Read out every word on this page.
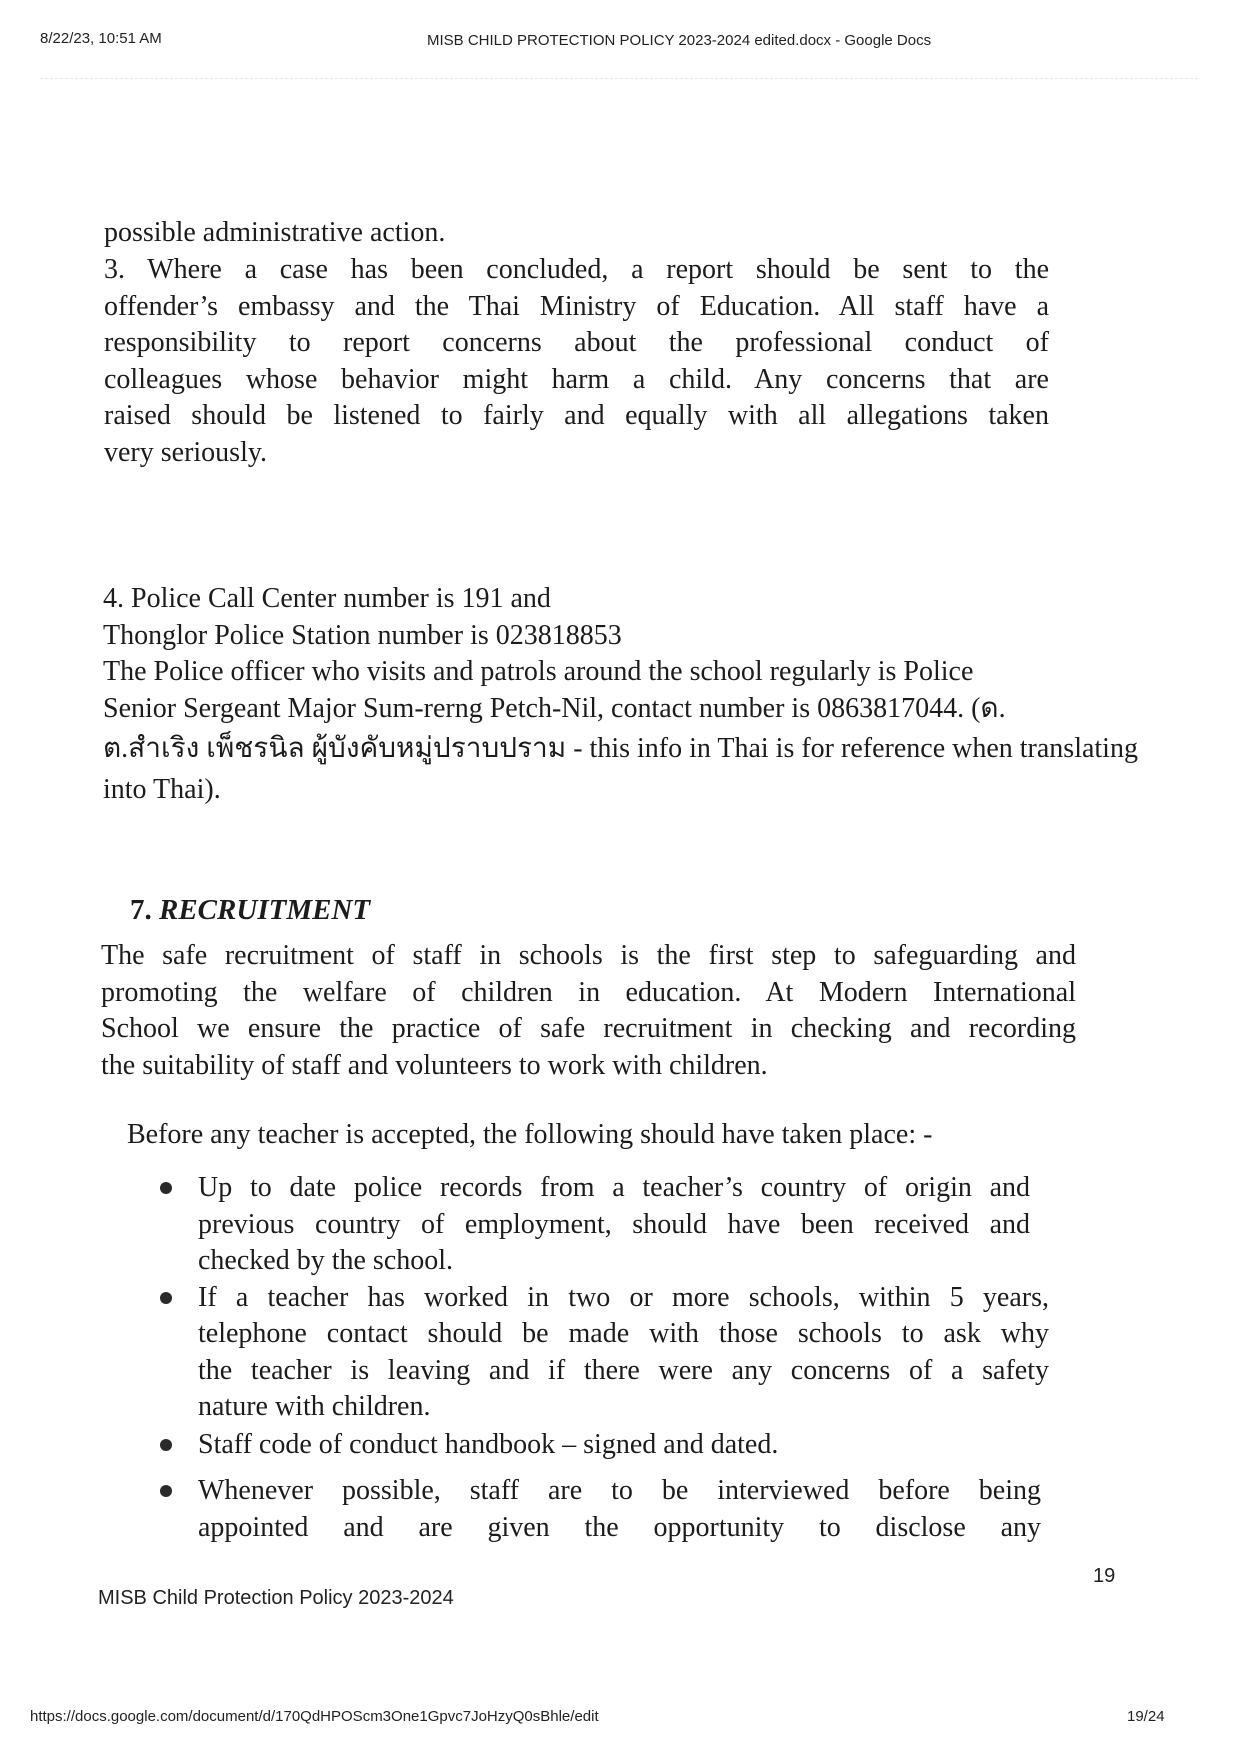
8/22/23, 10:51 AM	MISB CHILD PROTECTION POLICY 2023-2024 edited.docx - Google Docs
possible administrative action.
3. Where a case has been concluded, a report should be sent to the
offender’s embassy and the Thai Ministry of Education. All staff have a
responsibility to report concerns about the professional conduct of
colleagues whose behavior might harm a child. Any concerns that are
raised should be listened to fairly and equally with all allegations taken
very seriously.
4. Police Call Center number is 191 and
Thonglor Police Station number is 023818853
The Police officer who visits and patrols around the school regularly is Police
Senior Sergeant Major Sum-rerng Petch-Nil, contact number is 0863817044. (ด.
ต.สำเริง เพ็ชรนิล ผู้บังคับหมู่ปราบปราม - this info in Thai is for reference when translating
into Thai).
7. RECRUITMENT
The safe recruitment of staff in schools is the first step to safeguarding and
promoting the welfare of children in education. At Modern International
School we ensure the practice of safe recruitment in checking and recording
the suitability of staff and volunteers to work with children.
Before any teacher is accepted, the following should have taken place: -
Up to date police records from a teacher’s country of origin and
previous country of employment, should have been received and
checked by the school.
If a teacher has worked in two or more schools, within 5 years,
telephone contact should be made with those schools to ask why
the teacher is leaving and if there were any concerns of a safety
nature with children.
Staff code of conduct handbook – signed and dated.
Whenever possible, staff are to be interviewed before being
appointed and are given the opportunity to disclose any
19
MISB Child Protection Policy 2023-2024
https://docs.google.com/document/d/170QdHPOScm3One1Gpvc7JoHzyQ0sBhle/edit	19/24
